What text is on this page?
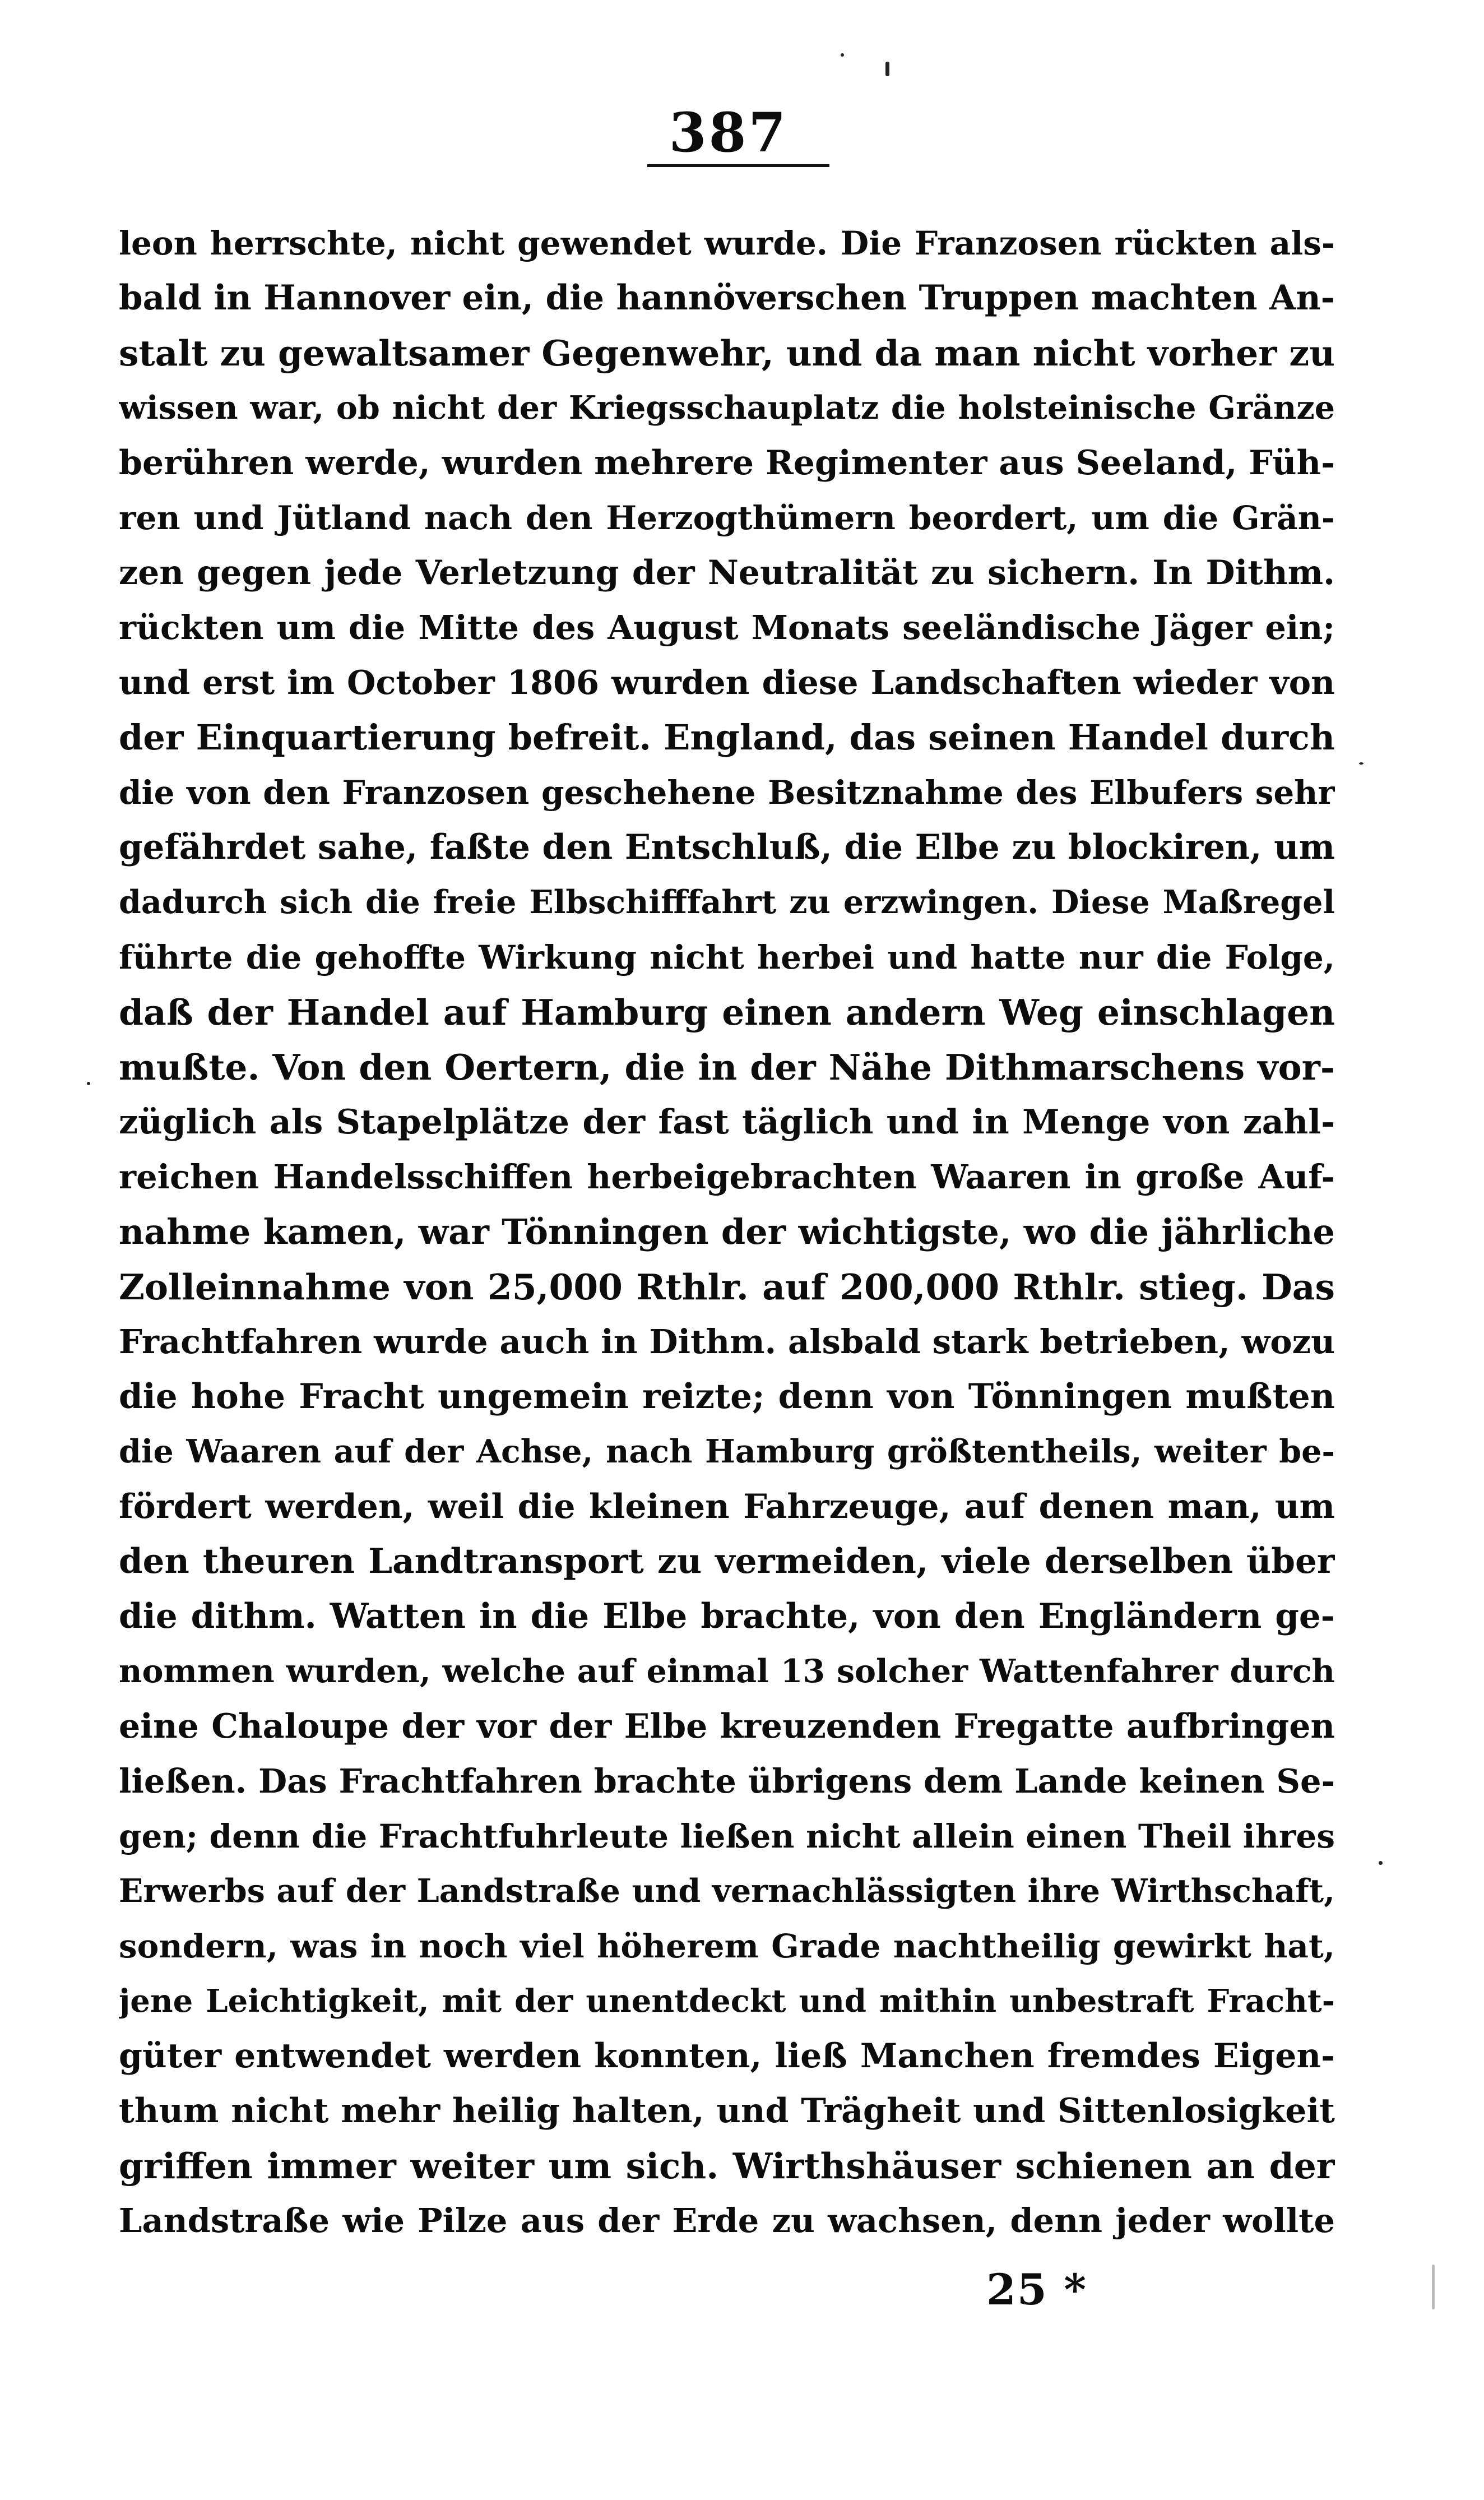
387
leon herrschte, nicht gewendet wurde. Die Franzosen rückten als-
bald in Hannover ein, die hannöverschen Truppen machten An-
stalt zu gewaltsamer Gegenwehr, und da man nicht vorher zu
wissen war, ob nicht der Kriegsschauplatz die holsteinische Gränze
berühren werde, wurden mehrere Regimenter aus Seeland, Füh-
ren und Jütland nach den Herzogthümern beordert, um die Grän-
zen gegen jede Verletzung der Neutralität zu sichern. In Dithm.
rückten um die Mitte des August Monats seeländische Jäger ein;
und erst im October 1806 wurden diese Landschaften wieder von
der Einquartierung befreit. England, das seinen Handel durch
die von den Franzosen geschehene Besitznahme des Elbufers sehr
gefährdet sahe, faßte den Entschluß, die Elbe zu blockiren, um
dadurch sich die freie Elbschifffahrt zu erzwingen. Diese Maßregel
führte die gehoffte Wirkung nicht herbei und hatte nur die Folge,
daß der Handel auf Hamburg einen andern Weg einschlagen
mußte. Von den Oertern, die in der Nähe Dithmarschens vor-
züglich als Stapelplätze der fast täglich und in Menge von zahl-
reichen Handelsschiffen herbeigebrachten Waaren in große Auf-
nahme kamen, war Tönningen der wichtigste, wo die jährliche
Zolleinnahme von 25,000 Rthlr. auf 200,000 Rthlr. stieg. Das
Frachtfahren wurde auch in Dithm. alsbald stark betrieben, wozu
die hohe Fracht ungemein reizte; denn von Tönningen mußten
die Waaren auf der Achse, nach Hamburg größtentheils, weiter be-
fördert werden, weil die kleinen Fahrzeuge, auf denen man, um
den theuren Landtransport zu vermeiden, viele derselben über
die dithm. Watten in die Elbe brachte, von den Engländern ge-
nommen wurden, welche auf einmal 13 solcher Wattenfahrer durch
eine Chaloupe der vor der Elbe kreuzenden Fregatte aufbringen
ließen. Das Frachtfahren brachte übrigens dem Lande keinen Se-
gen; denn die Frachtfuhrleute ließen nicht allein einen Theil ihres
Erwerbs auf der Landstraße und vernachlässigten ihre Wirthschaft,
sondern, was in noch viel höherem Grade nachtheilig gewirkt hat,
jene Leichtigkeit, mit der unentdeckt und mithin unbestraft Fracht-
güter entwendet werden konnten, ließ Manchen fremdes Eigen-
thum nicht mehr heilig halten, und Trägheit und Sittenlosigkeit
griffen immer weiter um sich. Wirthshäuser schienen an der
Landstraße wie Pilze aus der Erde zu wachsen, denn jeder wollte
25 *
